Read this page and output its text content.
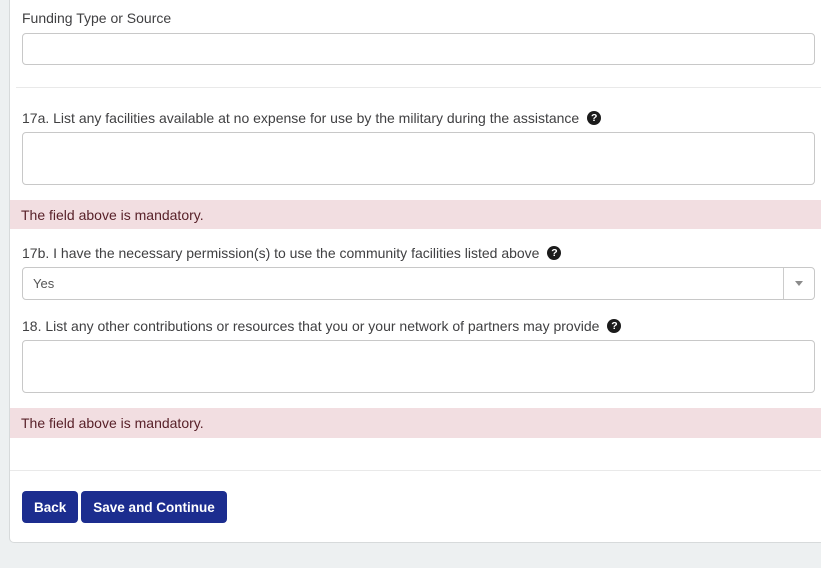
Funding Type or Source
17a. List any facilities available at no expense for use by the military during the assistance	?
The field above is mandatory.
17b. I have the necessary permission(s) to use the community facilities listed above	?
Yes
18. List any other contributions or resources that you or your network of partners may provide	?
The field above is mandatory.
Back	Save and Continue
